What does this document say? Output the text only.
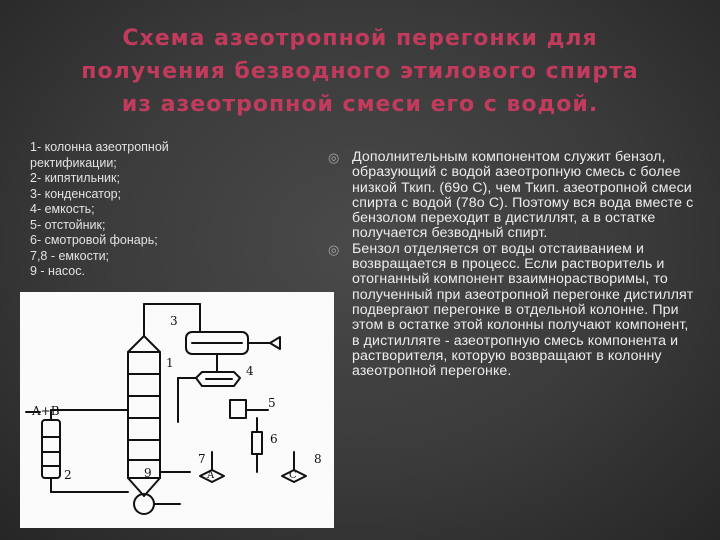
Схема азеотропной перегонки для
получения безводного этилового спирта
из азеотропной смеси его с водой.
1- колонна азеотропной ректификации;
2- кипятильник;
3- конденсатор;
4- емкость;
5- отстойник;
6- смотровой фонарь;
7,8 - емкости;
9 - насос.
A+B
1
2
3
4
5
6
7	8
9	A	C
◎ Дополнительным компонентом служит бензол, образующий с водой азеотропную смесь с более низкой Ткип. (69о С), чем Ткип. азеотропной смеси спирта с водой (78о С). Поэтому вся вода вместе с бензолом переходит в дистиллят, а в остатке получается безводный спирт.
◎ Бензол отделяется от воды отстаиванием и возвращается в процесс. Если растворитель и отогнанный компонент взаимнорастворимы, то полученный при азеотропной перегонке дистиллят подвергают перегонке в отдельной колонне. При этом в остатке этой колонны получают компонент, в дистилляте - азеотропную смесь компонента и растворителя, которую возвращают в колонну азеотропной перегонке.
